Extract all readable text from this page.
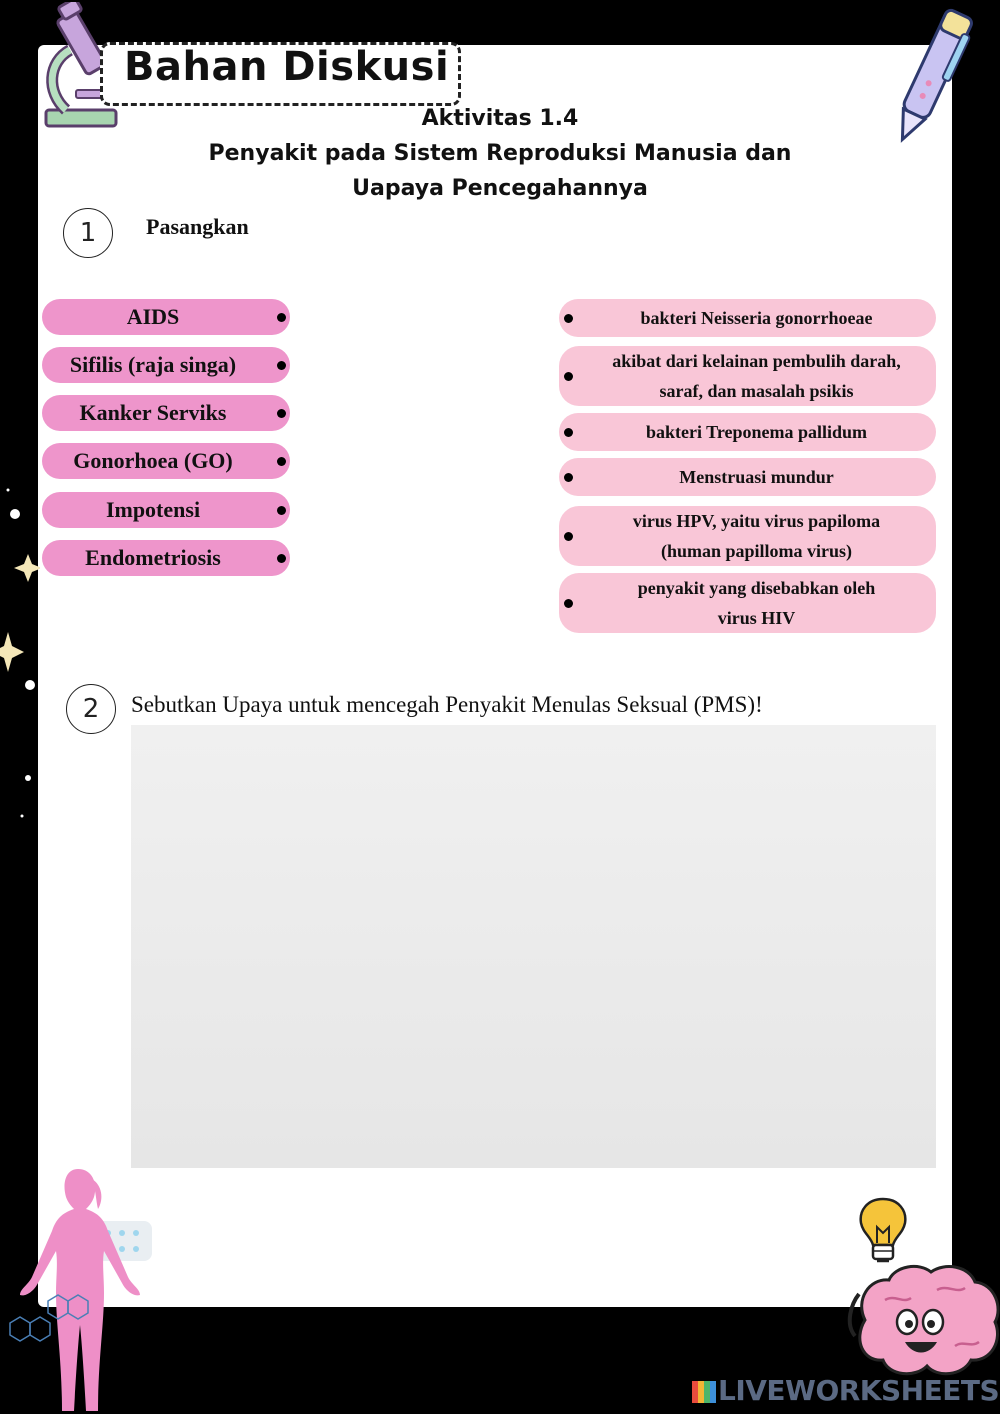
Bahan Diskusi
Aktivitas 1.4
Penyakit pada Sistem Reproduksi Manusia dan
Uapaya Pencegahannya
1	Pasangkan
AIDS
Sifilis (raja singa)
Kanker Serviks
Gonorhoea (GO)
Impotensi
Endometriosis
bakteri Neisseria gonorrhoeae
akibat dari kelainan pembulih darah,
saraf, dan masalah psikis
bakteri Treponema pallidum
Menstruasi mundur
virus HPV, yaitu virus papiloma
(human papilloma virus)
penyakit yang disebabkan oleh
virus HIV
2	Sebutkan Upaya untuk mencegah Penyakit Menulas Seksual (PMS)!
LIVEWORKSHEETS
